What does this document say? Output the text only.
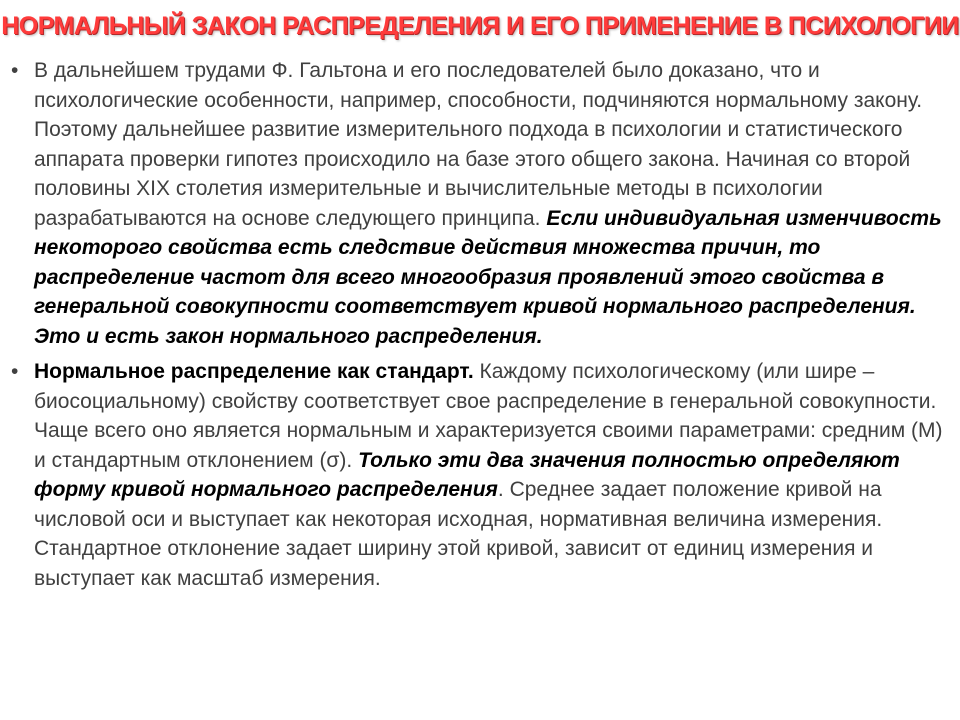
НОРМАЛЬНЫЙ ЗАКОН РАСПРЕДЕЛЕНИЯ И ЕГО ПРИМЕНЕНИЕ В ПСИХОЛОГИИ
• В дальнейшем трудами Ф. Гальтона и его последователей было доказано, что и психологические особенности, например, способности, подчиняются нормальному закону. Поэтому дальнейшее развитие измерительного подхода в психологии и статистического аппарата проверки гипотез происходило на базе этого общего закона. Начиная со второй половины XIX столетия измерительные и вычислительные методы в психологии разрабатываются на основе следующего принципа. Если индивидуальная изменчивость некоторого свойства есть следствие действия множества причин, то распределение частот для всего многообразия проявлений этого свойства в генеральной совокупности соответствует кривой нормального распределения. Это и есть закон нормального распределения.
• Нормальное распределение как стандарт. Каждому психологическому (или шире – биосоциальному) свойству соответствует свое распределение в генеральной совокупности. Чаще всего оно является нормальным и характеризуется своими параметрами: средним (М) и стандартным отклонением (σ). Только эти два значения полностью определяют форму кривой нормального распределения. Среднее задает положение кривой на числовой оси и выступает как некоторая исходная, нормативная величина измерения. Стандартное отклонение задает ширину этой кривой, зависит от единиц измерения и выступает как масштаб измерения.
